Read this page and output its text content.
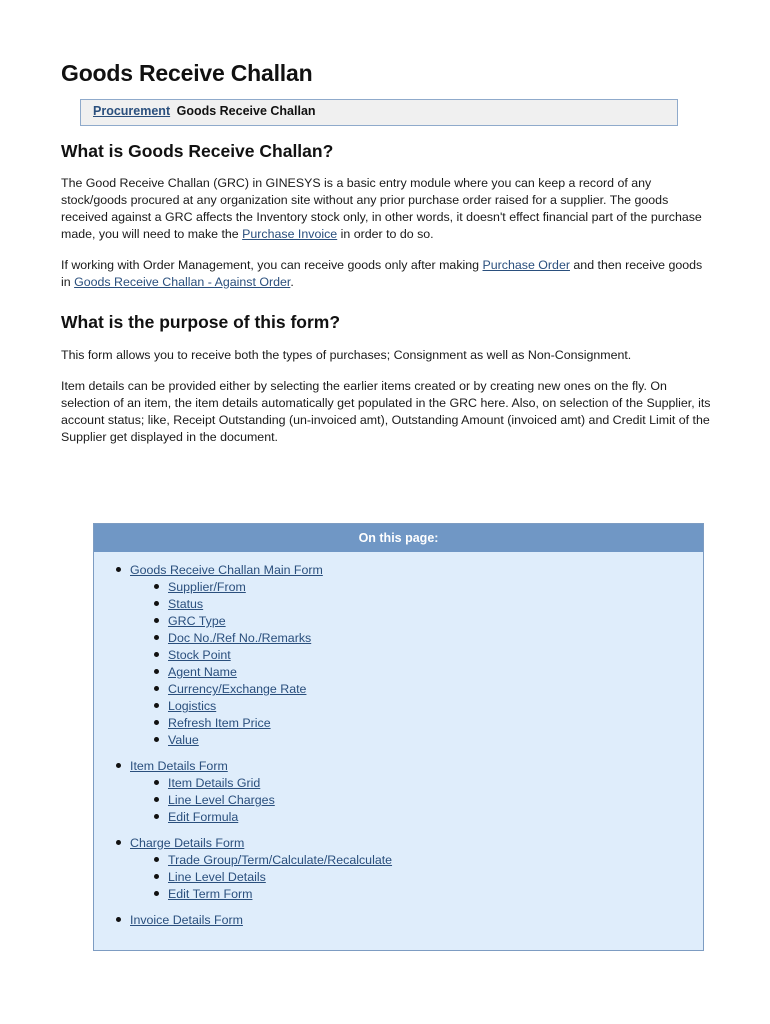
Goods Receive Challan
Procurement Goods Receive Challan
What is Goods Receive Challan?

The Good Receive Challan (GRC) in GINESYS is a basic entry module where you can keep a record of any stock/goods procured at any organization site without any prior purchase order raised for a supplier. The goods received against a GRC affects the Inventory stock only, in other words, it doesn't effect financial part of the purchase made, you will need to make the Purchase Invoice in order to do so.

If working with Order Management, you can receive goods only after making Purchase Order and then receive goods in Goods Receive Challan - Against Order.

What is the purpose of this form?

This form allows you to receive both the types of purchases; Consignment as well as Non-Consignment.

Item details can be provided either by selecting the earlier items created or by creating new ones on the fly. On selection of an item, the item details automatically get populated in the GRC here. Also, on selection of the Supplier, its account status; like, Receipt Outstanding (un-invoiced amt), Outstanding Amount (invoiced amt) and Credit Limit of the Supplier get displayed in the document.

On this page:
Goods Receive Challan Main Form
Supplier/From
Status
GRC Type
Doc No./Ref No./Remarks
Stock Point
Agent Name
Currency/Exchange Rate
Logistics
Refresh Item Price
Value
Item Details Form
Item Details Grid
Line Level Charges
Edit Formula
Charge Details Form
Trade Group/Term/Calculate/Recalculate
Line Level Details
Edit Term Form
Invoice Details Form
